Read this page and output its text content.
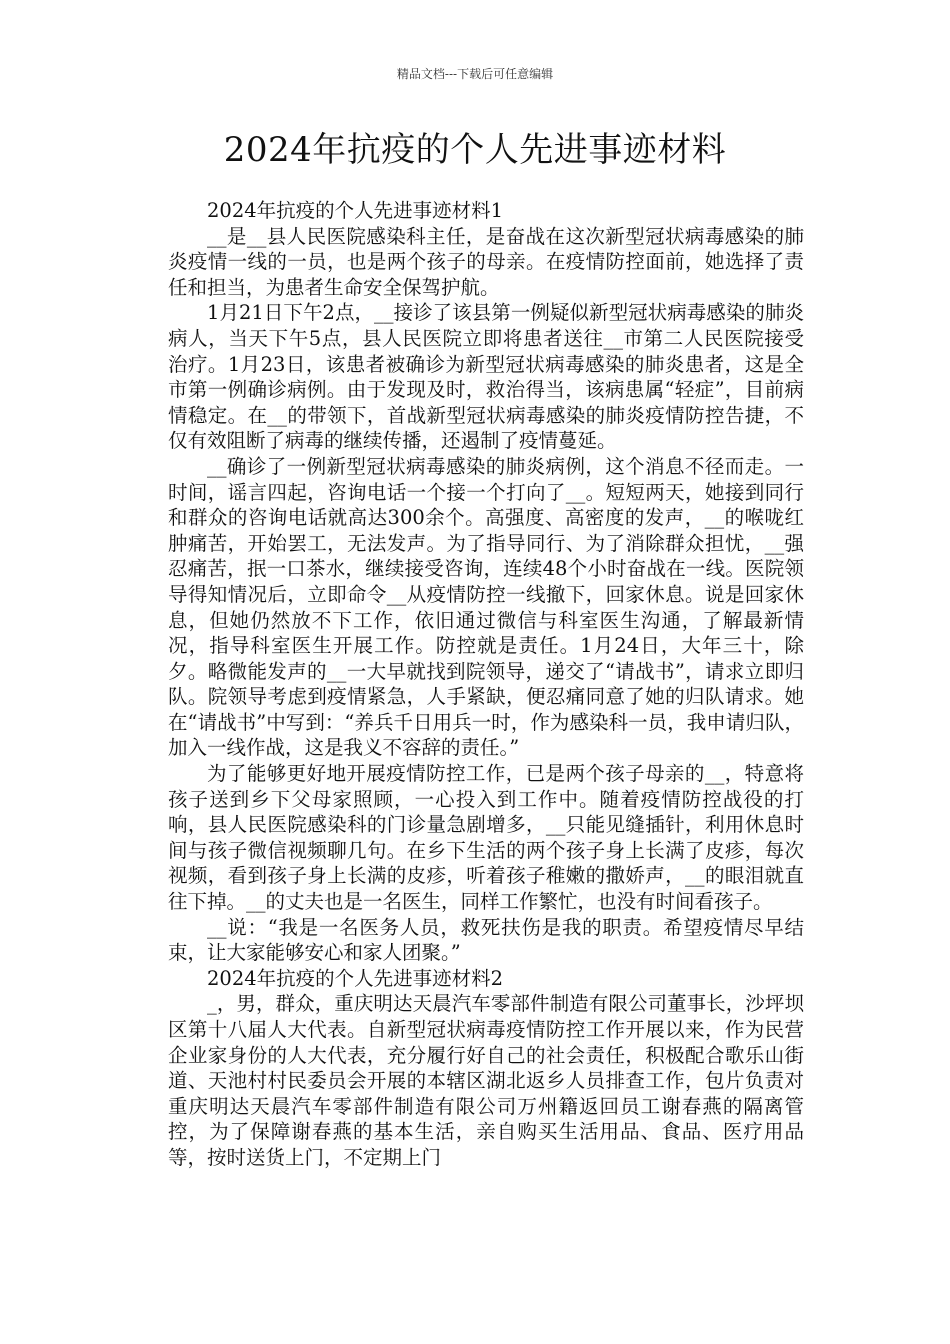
精品文档---下载后可任意编辑
2024年抗疫的个人先进事迹材料

2024年抗疫的个人先进事迹材料1

__是__县人民医院感染科主任，是奋战在这次新型冠状病毒感染的肺炎疫情一线的一员，也是两个孩子的母亲。在疫情防控面前，她选择了责任和担当，为患者生命安全保驾护航。

1月21日下午2点，__接诊了该县第一例疑似新型冠状病毒感染的肺炎病人，当天下午5点，县人民医院立即将患者送往__市第二人民医院接受治疗。1月23日，该患者被确诊为新型冠状病毒感染的肺炎患者，这是全市第一例确诊病例。由于发现及时，救治得当，该病患属“轻症”，目前病情稳定。在__的带领下，首战新型冠状病毒感染的肺炎疫情防控告捷，不仅有效阻断了病毒的继续传播，还遏制了疫情蔓延。

__确诊了一例新型冠状病毒感染的肺炎病例，这个消息不径而走。一时间，谣言四起，咨询电话一个接一个打向了__。短短两天，她接到同行和群众的咨询电话就高达300余个。高强度、高密度的发声，__的喉咙红肿痛苦，开始罢工，无法发声。为了指导同行、为了消除群众担忧，__强忍痛苦，抿一口茶水，继续接受咨询，连续48个小时奋战在一线。医院领导得知情况后，立即命令__从疫情防控一线撤下，回家休息。说是回家休息，但她仍然放不下工作，依旧通过微信与科室医生沟通，了解最新情况，指导科室医生开展工作。防控就是责任。1月24日，大年三十，除夕。略微能发声的__一大早就找到院领导，递交了“请战书”，请求立即归队。院领导考虑到疫情紧急，人手紧缺，便忍痛同意了她的归队请求。她在“请战书”中写到：“养兵千日用兵一时，作为感染科一员，我申请归队，加入一线作战，这是我义不容辞的责任。”

为了能够更好地开展疫情防控工作，已是两个孩子母亲的__，特意将孩子送到乡下父母家照顾，一心投入到工作中。随着疫情防控战役的打响，县人民医院感染科的门诊量急剧增多，__只能见缝插针，利用休息时间与孩子微信视频聊几句。在乡下生活的两个孩子身上长满了皮疹，每次视频，看到孩子身上长满的皮疹，听着孩子稚嫩的撒娇声，__的眼泪就直往下掉。__的丈夫也是一名医生，同样工作繁忙，也没有时间看孩子。

__说：“我是一名医务人员，救死扶伤是我的职责。希望疫情尽早结束，让大家能够安心和家人团聚。”

2024年抗疫的个人先进事迹材料2

_，男，群众，重庆明达天晨汽车零部件制造有限公司董事长，沙坪坝区第十八届人大代表。自新型冠状病毒疫情防控工作开展以来，作为民营企业家身份的人大代表，充分履行好自己的社会责任，积极配合歌乐山街道、天池村村民委员会开展的本辖区湖北返乡人员排查工作，包片负责对重庆明达天晨汽车零部件制造有限公司万州籍返回员工谢春燕的隔离管控，为了保障谢春燕的基本生活，亲自购买生活用品、食品、医疗用品等，按时送货上门，不定期上门
